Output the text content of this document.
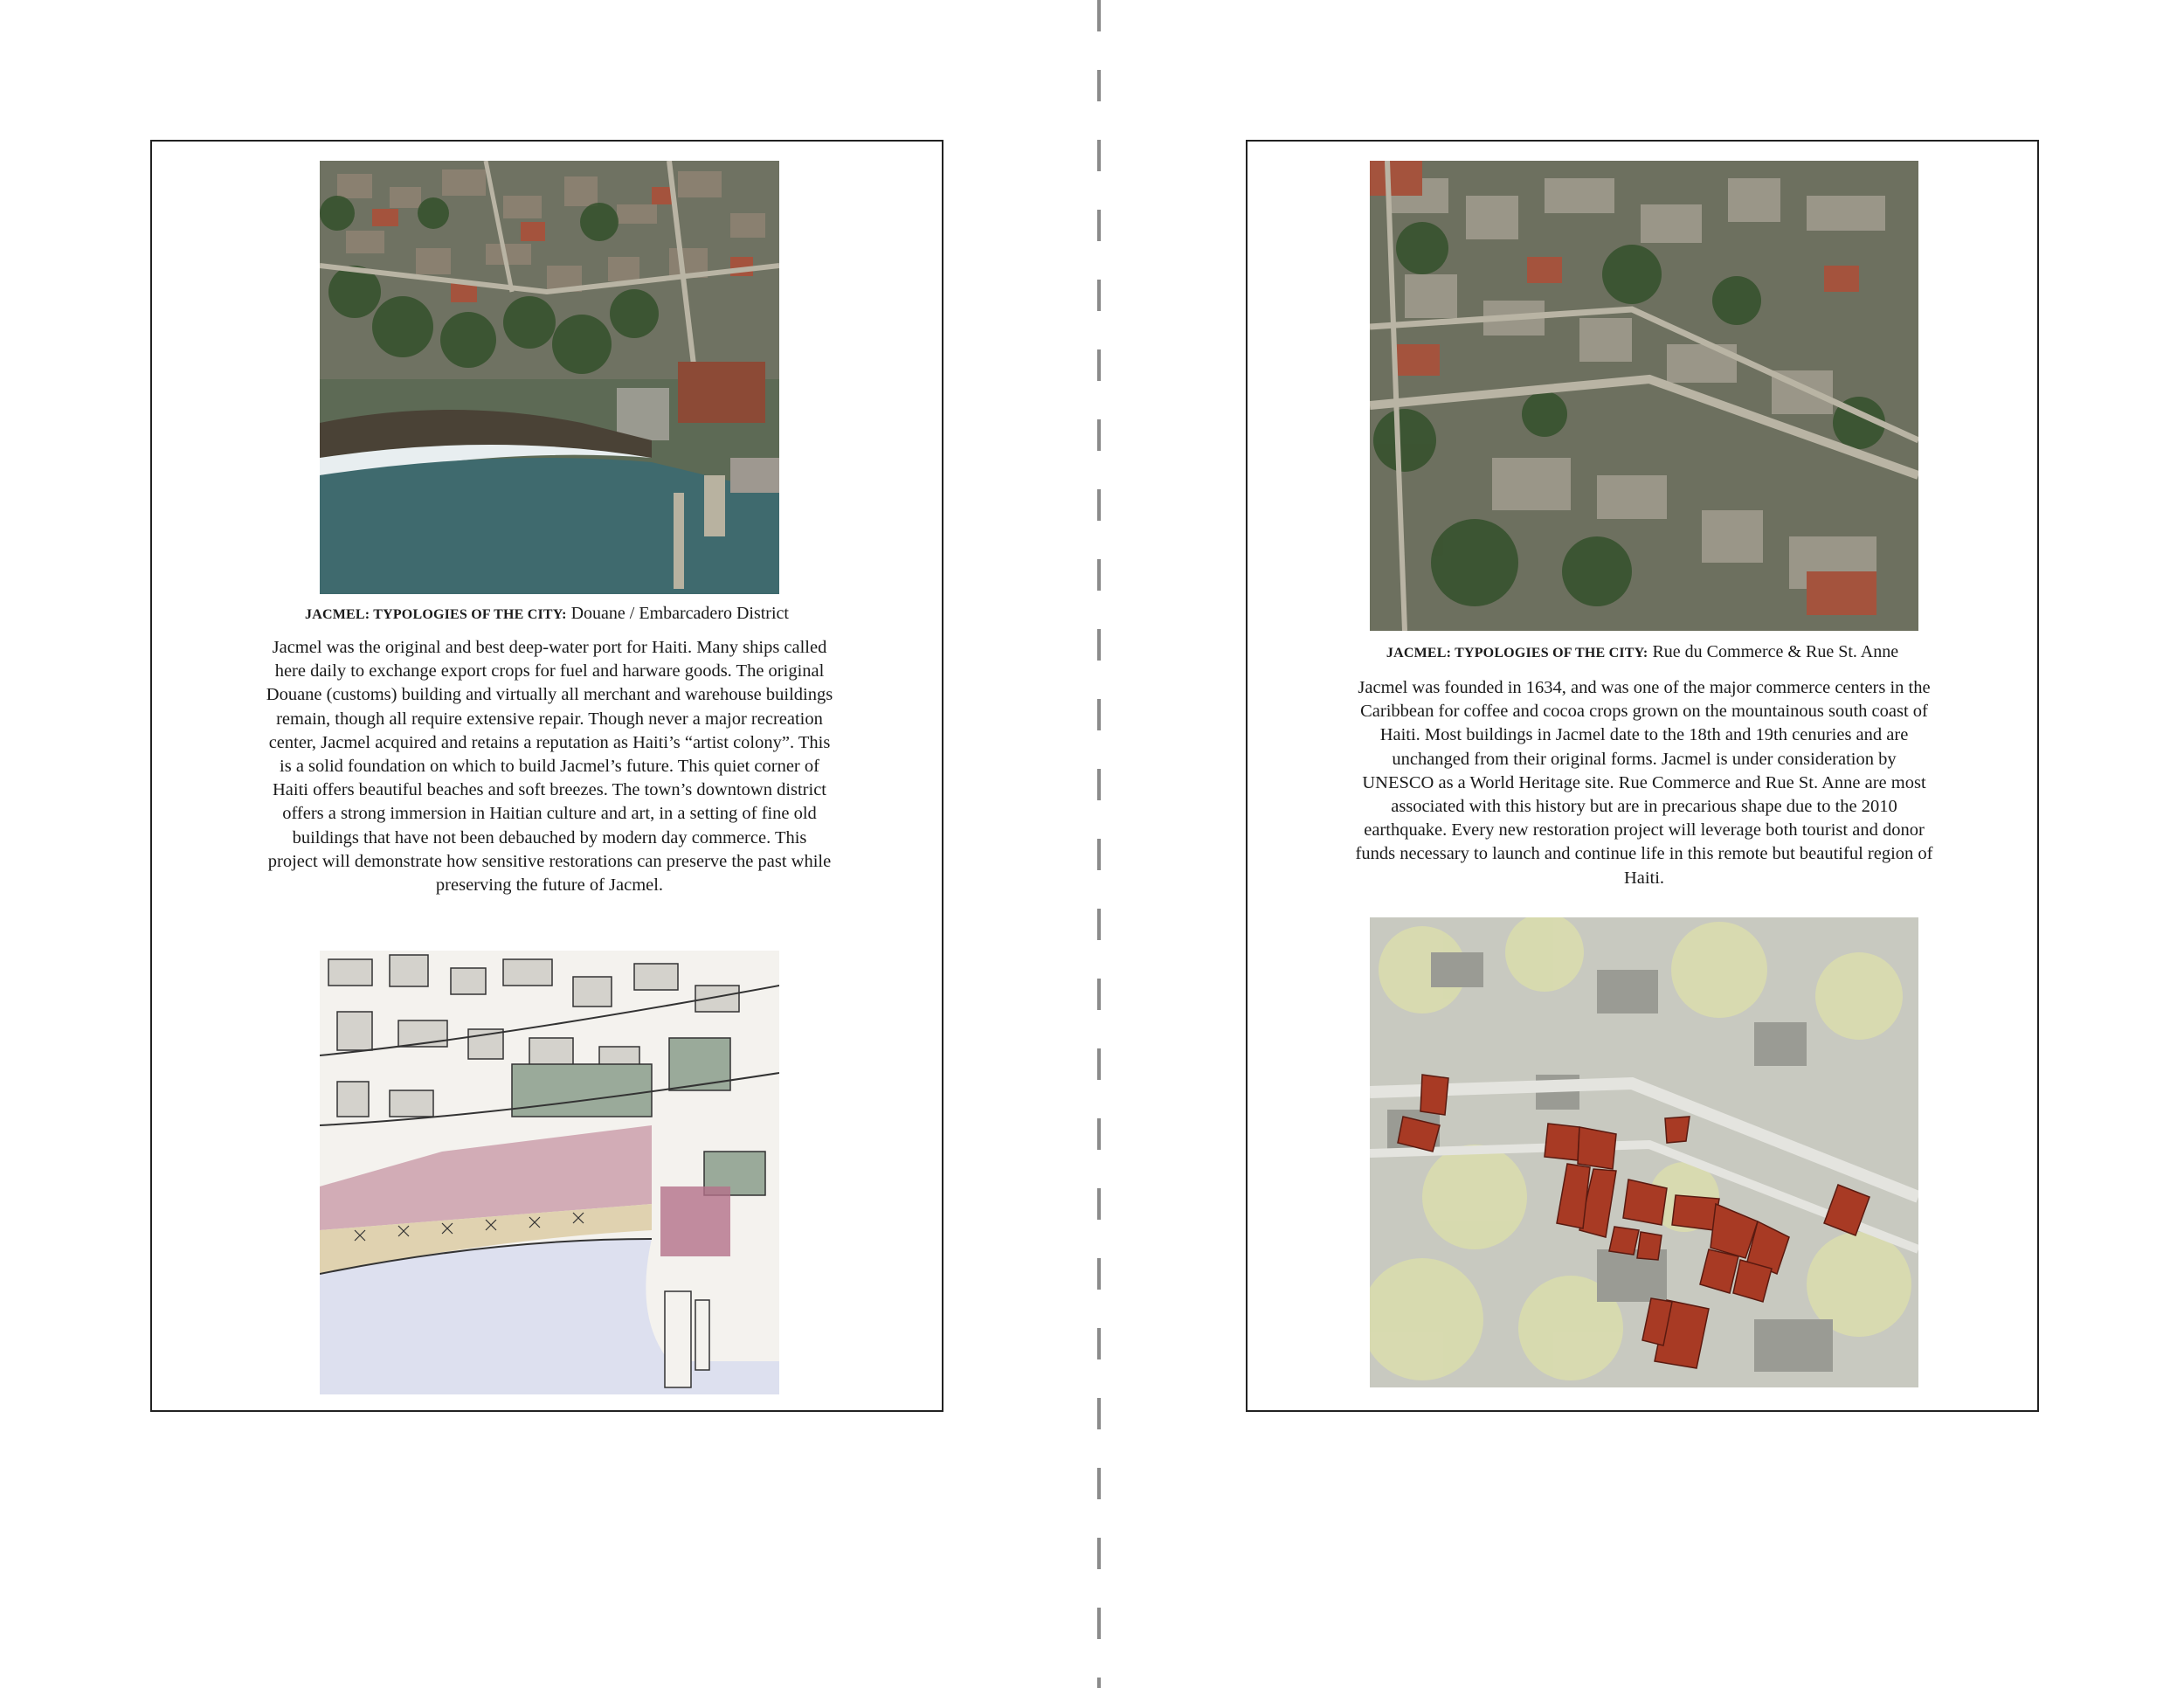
JACMEL: TYPOLOGIES OF THE CITY: Douane / Embarcadero District
Jacmel was the original and best deep-water port for Haiti. Many ships called here daily to exchange export crops for fuel and harware goods. The original Douane (customs) building and virtually all merchant and warehouse buildings remain, though all require extensive repair. Though never a major recreation center, Jacmel acquired and retains a reputation as Haiti’s “artist colony”. This is a solid foundation on which to build Jacmel’s future. This quiet corner of Haiti offers beautiful beaches and soft breezes. The town’s downtown district offers a strong immersion in Haitian culture and art, in a setting of fine old buildings that have not been debauched by modern day commerce. This project will demonstrate how sensitive restorations can preserve the past while preserving the future of Jacmel.
JACMEL: TYPOLOGIES OF THE CITY: Rue du Commerce & Rue St. Anne
Jacmel was founded in 1634, and was one of the major commerce centers in the Caribbean for coffee and cocoa crops grown on the mountainous south coast of Haiti. Most buildings in Jacmel date to the 18th and 19th cenuries and are unchanged from their original forms. Jacmel is under consideration by UNESCO as a World Heritage site. Rue Commerce and Rue St. Anne are most associated with this history but are in precarious shape due to the 2010 earthquake. Every new restoration project will leverage both tourist and donor funds necessary to launch and continue life in this remote but beautiful region of Haiti.
